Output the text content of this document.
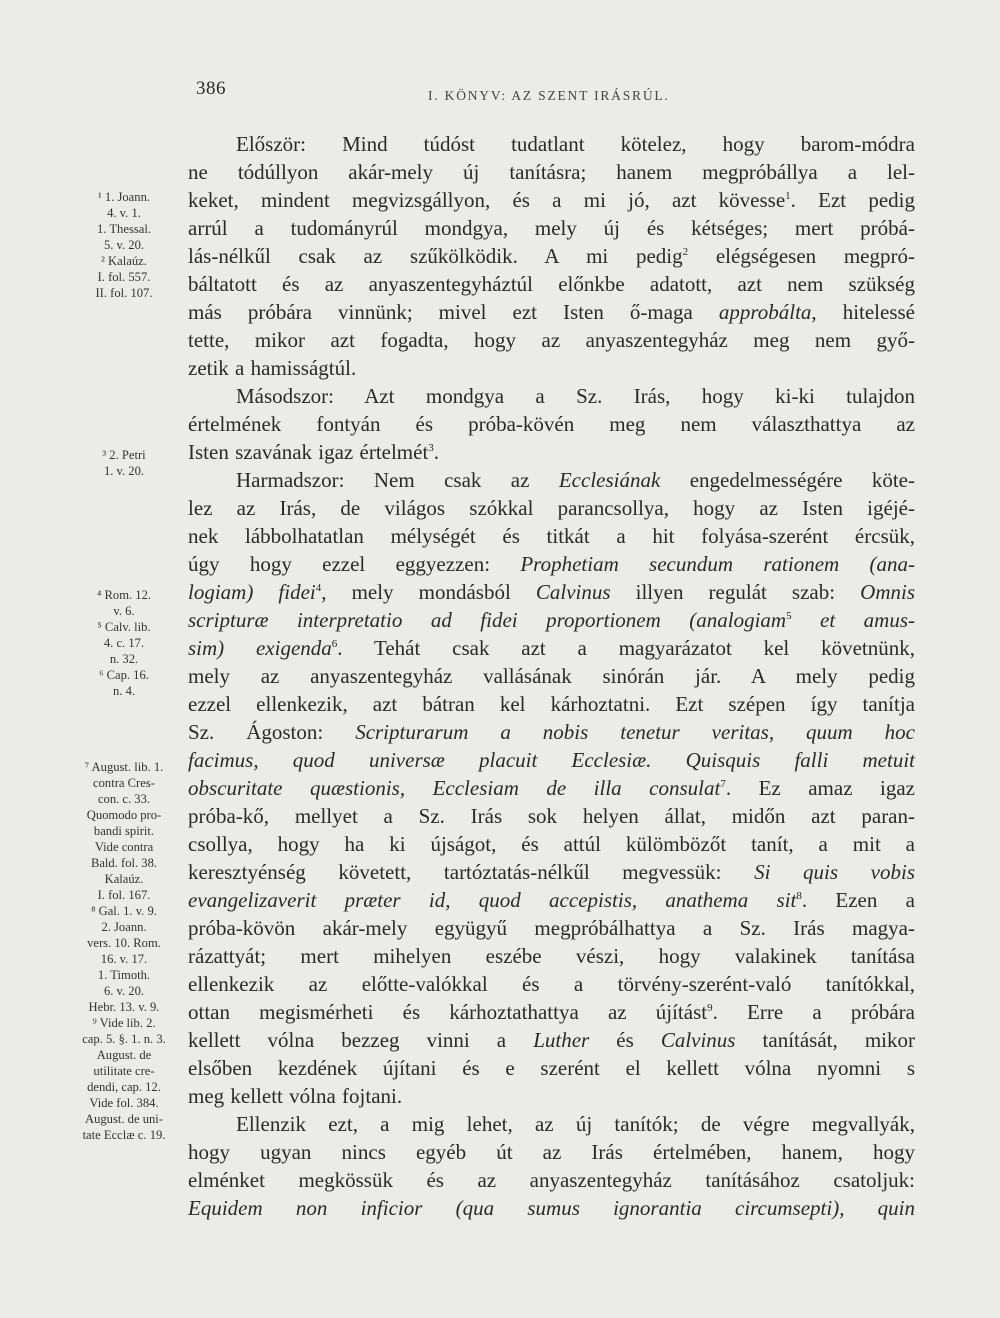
386	I. KÖNYV: AZ SZENT IRÁSRÚL.
Először: Mind túdóst tudatlant kötelez, hogy barom-módra
ne tódúllyon akár-mely új tanításra; hanem megpróbállya a lel-
keket, mindent megvizsgállyon, és a mi jó, azt kövesse$^1$. Ezt pedig
arrúl a tudományrúl mondgya, mely új és kétséges; mert próbá-
lás-nélkűl csak az szűkölködik. A mi pedig$^2$ elégségesen megpró-
báltatott és az anyaszentegyháztúl előnkbe adatott, azt nem szükség
más próbára vinnünk; mivel ezt Isten ő-maga approbálta, hitelessé
tette, mikor azt fogadta, hogy az anyaszentegyház meg nem győ-
zetik a hamisságtúl.
Másodszor: Azt mondgya a Sz. Irás, hogy ki-ki tulajdon
értelmének fontyán és próba-kövén meg nem választhattya az
Isten szavának igaz értelmét$^3$.
Harmadszor: Nem csak az Ecclesiának engedelmességére köte-
lez az Irás, de világos szókkal parancsollya, hogy az Isten igéjé-
nek lábbolhatatlan mélységét és titkát a hit folyása-szerént ércsük,
úgy hogy ezzel eggyezzen: Prophetiam secundum rationem (ana-
logiam) fidei$^4$, mely mondásból Calvinus illyen regulát szab: Omnis
scripturæ interpretatio ad fidei proportionem (analogiam$^5$ et amus-
sim) exigenda$^6$. Tehát csak azt a magyarázatot kel követnünk,
mely az anyaszentegyház vallásának sinórán jár. A mely pedig
ezzel ellenkezik, azt bátran kel kárhoztatni. Ezt szépen így tanítja
Sz. Ágoston: Scripturarum a nobis tenetur veritas, quum hoc
facimus, quod universæ placuit Ecclesiæ. Quisquis falli metuit
obscuritate quæstionis, Ecclesiam de illa consulat$^7$. Ez amaz igaz
próba-kő, mellyet a Sz. Irás sok helyen állat, midőn azt paran-
csollya, hogy ha ki újságot, és attúl külömbözőt tanít, a mit a
keresztyénség követett, tartóztatás-nélkűl megvessük: Si quis vobis
evangelizaverit præter id, quod accepistis, anathema sit$^8$. Ezen a
próba-kövön akár-mely együgyű megpróbálhattya a Sz. Irás magya-
rázattyát; mert mihelyen eszébe vészi, hogy valakinek tanítása
ellenkezik az előtte-valókkal és a törvény-szerént-való tanítókkal,
ottan megismérheti és kárhoztathattya az újítást$^9$. Erre a próbára
kellett vólna bezzeg vinni a Luther és Calvinus tanítását, mikor
elsőben kezdének újítani és e szerént el kellett vólna nyomni s
meg kellett vólna fojtani.
Ellenzik ezt, a mig lehet, az új tanítók; de végre megvallyák,
hogy ugyan nincs egyéb út az Irás értelmében, hanem, hogy
elménket megkössük és az anyaszentegyház tanításához csatoljuk:
Equidem non inficior (qua sumus ignorantia circumsepti), quin
¹ 1. Joann.
4. v. 1.
1. Thessal.
5. v. 20.
² Kalaúz.
I. fol. 557.
II. fol. 107.
³ 2. Petri
1. v. 20.
⁴ Rom. 12.
v. 6.
⁵ Calv. lib.
4. c. 17.
n. 32.
⁶ Cap. 16.
n. 4.
⁷ August. lib. 1.
contra Cres-
con. c. 33.
Quomodo pro-
bandi spirit.
Vide contra
Bald. fol. 38.
Kalaúz.
I. fol. 167.
⁸ Gal. 1. v. 9.
2. Joann.
vers. 10. Rom.
16. v. 17.
1. Timoth.
6. v. 20.
Hebr. 13. v. 9.
⁹ Vide lib. 2.
cap. 5. §. 1. n. 3.
August. de
utilitate cre-
dendi, cap. 12.
Vide fol. 384.
August. de uni-
tate Ecclæ c. 19.
